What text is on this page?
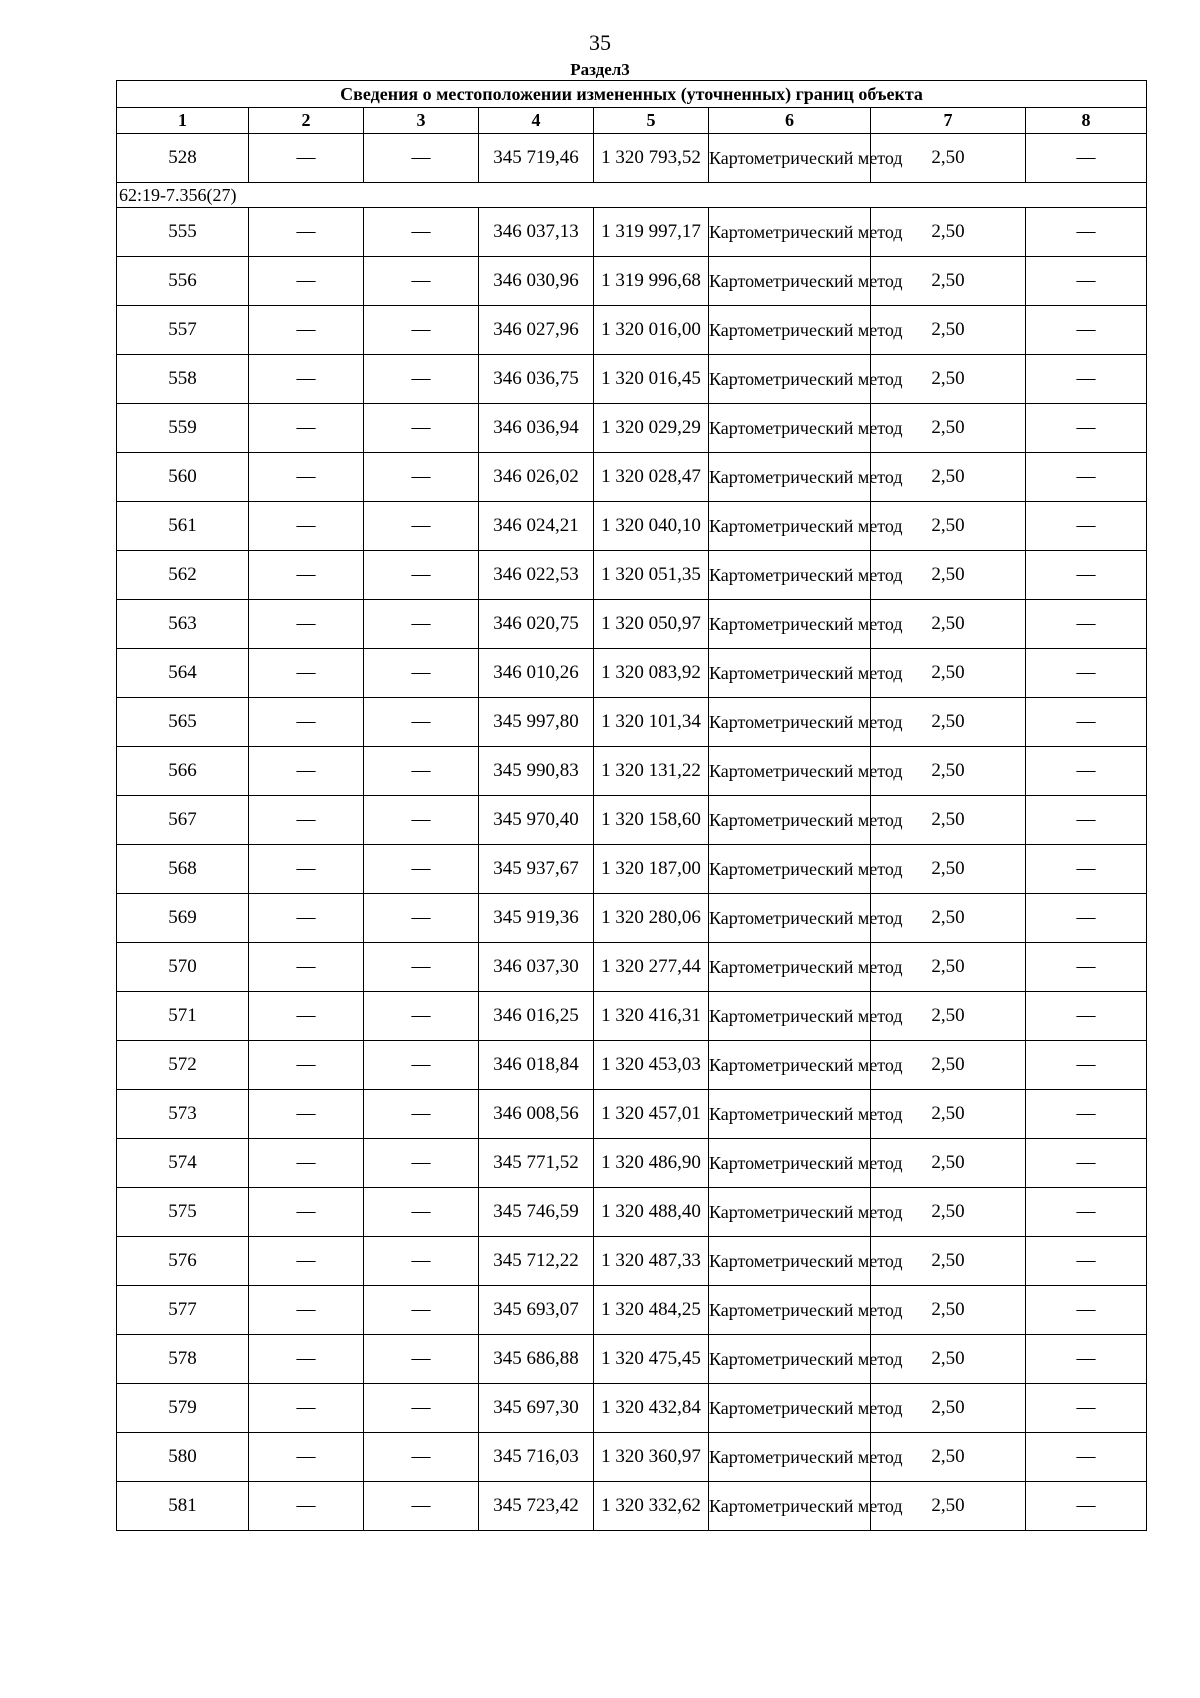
35
Раздел3
Сведения о местоположении измененных (уточненных) границ объекта							
1	2	3	4	5	6	7	8
528	—	—	345 719,46	1 320 793,52	Картометрический метод	2,50	—
62:19-7.356(27)							
555	—	—	346 037,13	1 319 997,17	Картометрический метод	2,50	—
556	—	—	346 030,96	1 319 996,68	Картометрический метод	2,50	—
557	—	—	346 027,96	1 320 016,00	Картометрический метод	2,50	—
558	—	—	346 036,75	1 320 016,45	Картометрический метод	2,50	—
559	—	—	346 036,94	1 320 029,29	Картометрический метод	2,50	—
560	—	—	346 026,02	1 320 028,47	Картометрический метод	2,50	—
561	—	—	346 024,21	1 320 040,10	Картометрический метод	2,50	—
562	—	—	346 022,53	1 320 051,35	Картометрический метод	2,50	—
563	—	—	346 020,75	1 320 050,97	Картометрический метод	2,50	—
564	—	—	346 010,26	1 320 083,92	Картометрический метод	2,50	—
565	—	—	345 997,80	1 320 101,34	Картометрический метод	2,50	—
566	—	—	345 990,83	1 320 131,22	Картометрический метод	2,50	—
567	—	—	345 970,40	1 320 158,60	Картометрический метод	2,50	—
568	—	—	345 937,67	1 320 187,00	Картометрический метод	2,50	—
569	—	—	345 919,36	1 320 280,06	Картометрический метод	2,50	—
570	—	—	346 037,30	1 320 277,44	Картометрический метод	2,50	—
571	—	—	346 016,25	1 320 416,31	Картометрический метод	2,50	—
572	—	—	346 018,84	1 320 453,03	Картометрический метод	2,50	—
573	—	—	346 008,56	1 320 457,01	Картометрический метод	2,50	—
574	—	—	345 771,52	1 320 486,90	Картометрический метод	2,50	—
575	—	—	345 746,59	1 320 488,40	Картометрический метод	2,50	—
576	—	—	345 712,22	1 320 487,33	Картометрический метод	2,50	—
577	—	—	345 693,07	1 320 484,25	Картометрический метод	2,50	—
578	—	—	345 686,88	1 320 475,45	Картометрический метод	2,50	—
579	—	—	345 697,30	1 320 432,84	Картометрический метод	2,50	—
580	—	—	345 716,03	1 320 360,97	Картометрический метод	2,50	—
581	—	—	345 723,42	1 320 332,62	Картометрический метод	2,50	—
